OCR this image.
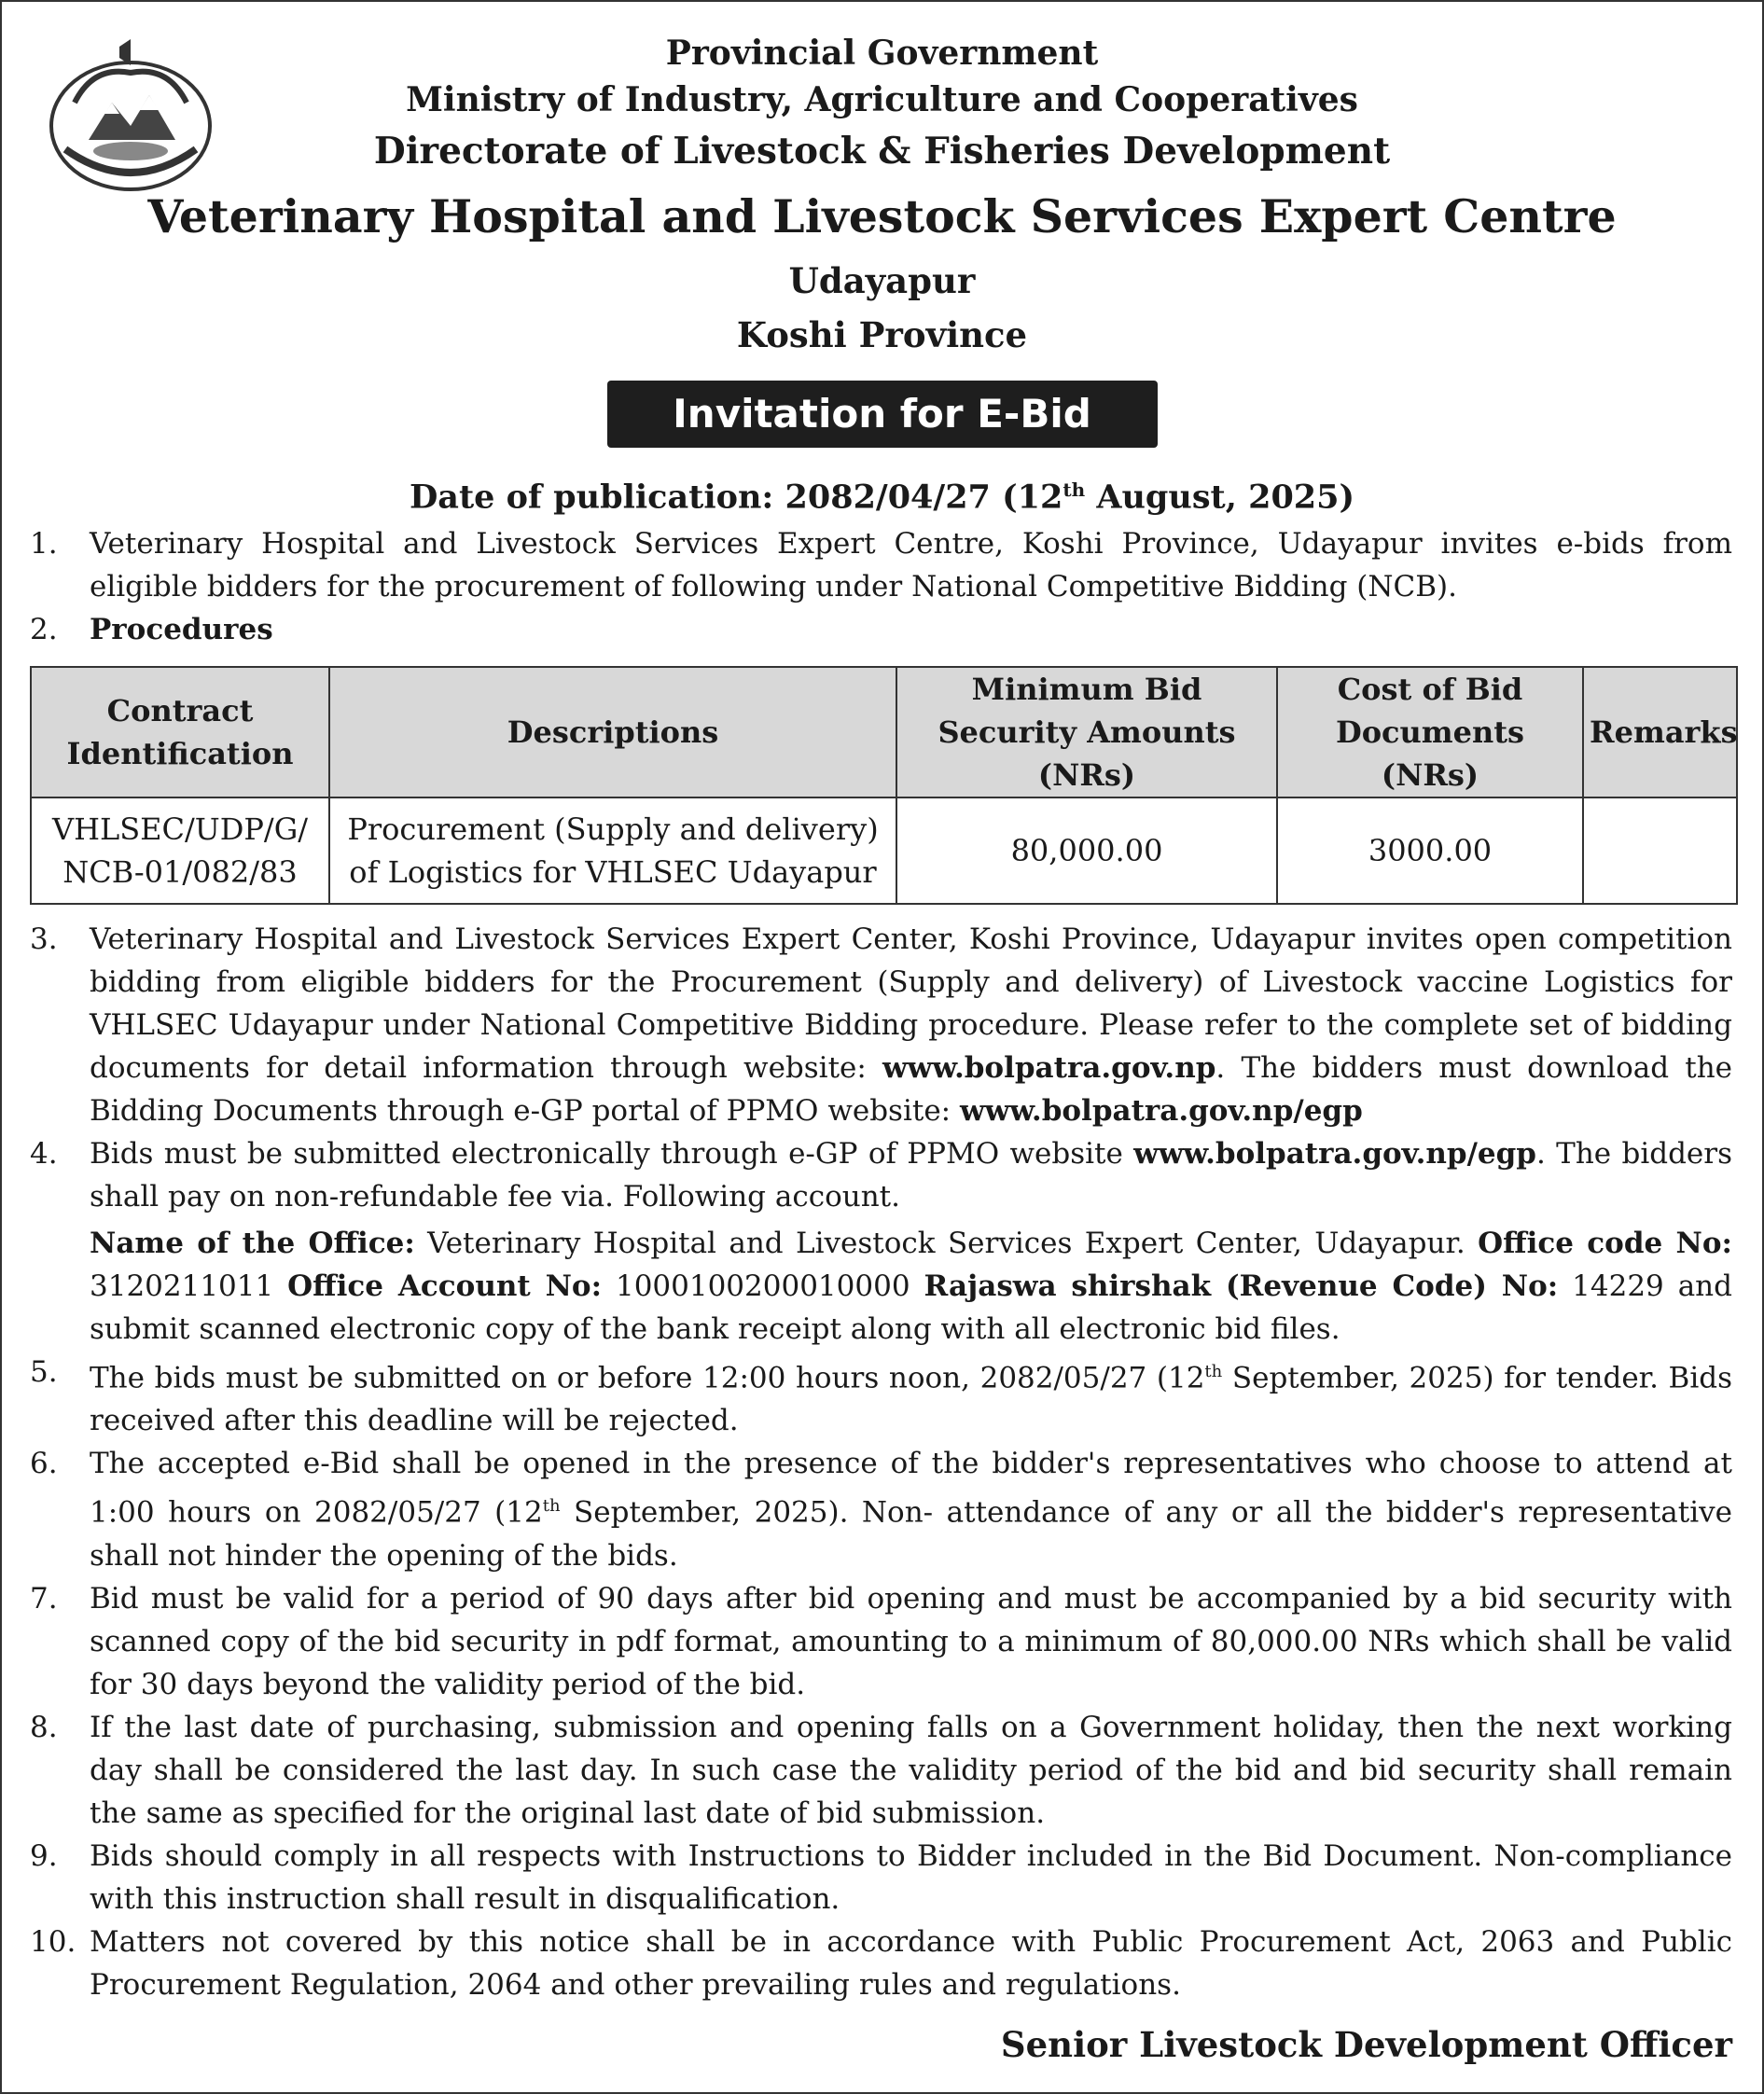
Provincial Government
Ministry of Industry, Agriculture and Cooperatives
Directorate of Livestock & Fisheries Development
Veterinary Hospital and Livestock Services Expert Centre
Udayapur
Koshi Province
Invitation for E-Bid
Date of publication: 2082/04/27 (12th August, 2025)
1.	Veterinary Hospital and Livestock Services Expert Centre, Koshi Province, Udayapur invites e-bids from eligible bidders for the procurement of following under National Competitive Bidding (NCB).
2.	Procedures
Contract Identification	Descriptions	Minimum Bid Security Amounts (NRs)	Cost of Bid Documents (NRs)	Remarks
VHLSEC/UDP/G/ NCB-01/082/83	Procurement (Supply and delivery) of Logistics for VHLSEC Udayapur	80,000.00	3000.00	
3.	Veterinary Hospital and Livestock Services Expert Center, Koshi Province, Udayapur invites open competition bidding from eligible bidders for the Procurement (Supply and delivery) of Livestock vaccine Logistics for VHLSEC Udayapur under National Competitive Bidding procedure. Please refer to the complete set of bidding documents for detail information through website: www.bolpatra.gov.np. The bidders must download the Bidding Documents through e-GP portal of PPMO website: www.bolpatra.gov.np/egp
4.	Bids must be submitted electronically through e-GP of PPMO website www.bolpatra.gov.np/egp. The bidders shall pay on non-refundable fee via. Following account.
Name of the Office: Veterinary Hospital and Livestock Services Expert Center, Udayapur. Office code No: 3120211011 Office Account No: 1000100200010000 Rajaswa shirshak (Revenue Code) No: 14229 and submit scanned electronic copy of the bank receipt along with all electronic bid files.
5.	The bids must be submitted on or before 12:00 hours noon, 2082/05/27 (12th September, 2025) for tender. Bids received after this deadline will be rejected.
6.	The accepted e-Bid shall be opened in the presence of the bidder's representatives who choose to attend at 1:00 hours on 2082/05/27 (12th September, 2025). Non- attendance of any or all the bidder's representative shall not hinder the opening of the bids.
7.	Bid must be valid for a period of 90 days after bid opening and must be accompanied by a bid security with scanned copy of the bid security in pdf format, amounting to a minimum of 80,000.00 NRs which shall be valid for 30 days beyond the validity period of the bid.
8.	If the last date of purchasing, submission and opening falls on a Government holiday, then the next working day shall be considered the last day. In such case the validity period of the bid and bid security shall remain the same as specified for the original last date of bid submission.
9.	Bids should comply in all respects with Instructions to Bidder included in the Bid Document. Non-compliance with this instruction shall result in disqualification.
10. Matters not covered by this notice shall be in accordance with Public Procurement Act, 2063 and Public Procurement Regulation, 2064 and other prevailing rules and regulations.
Senior Livestock Development Officer
